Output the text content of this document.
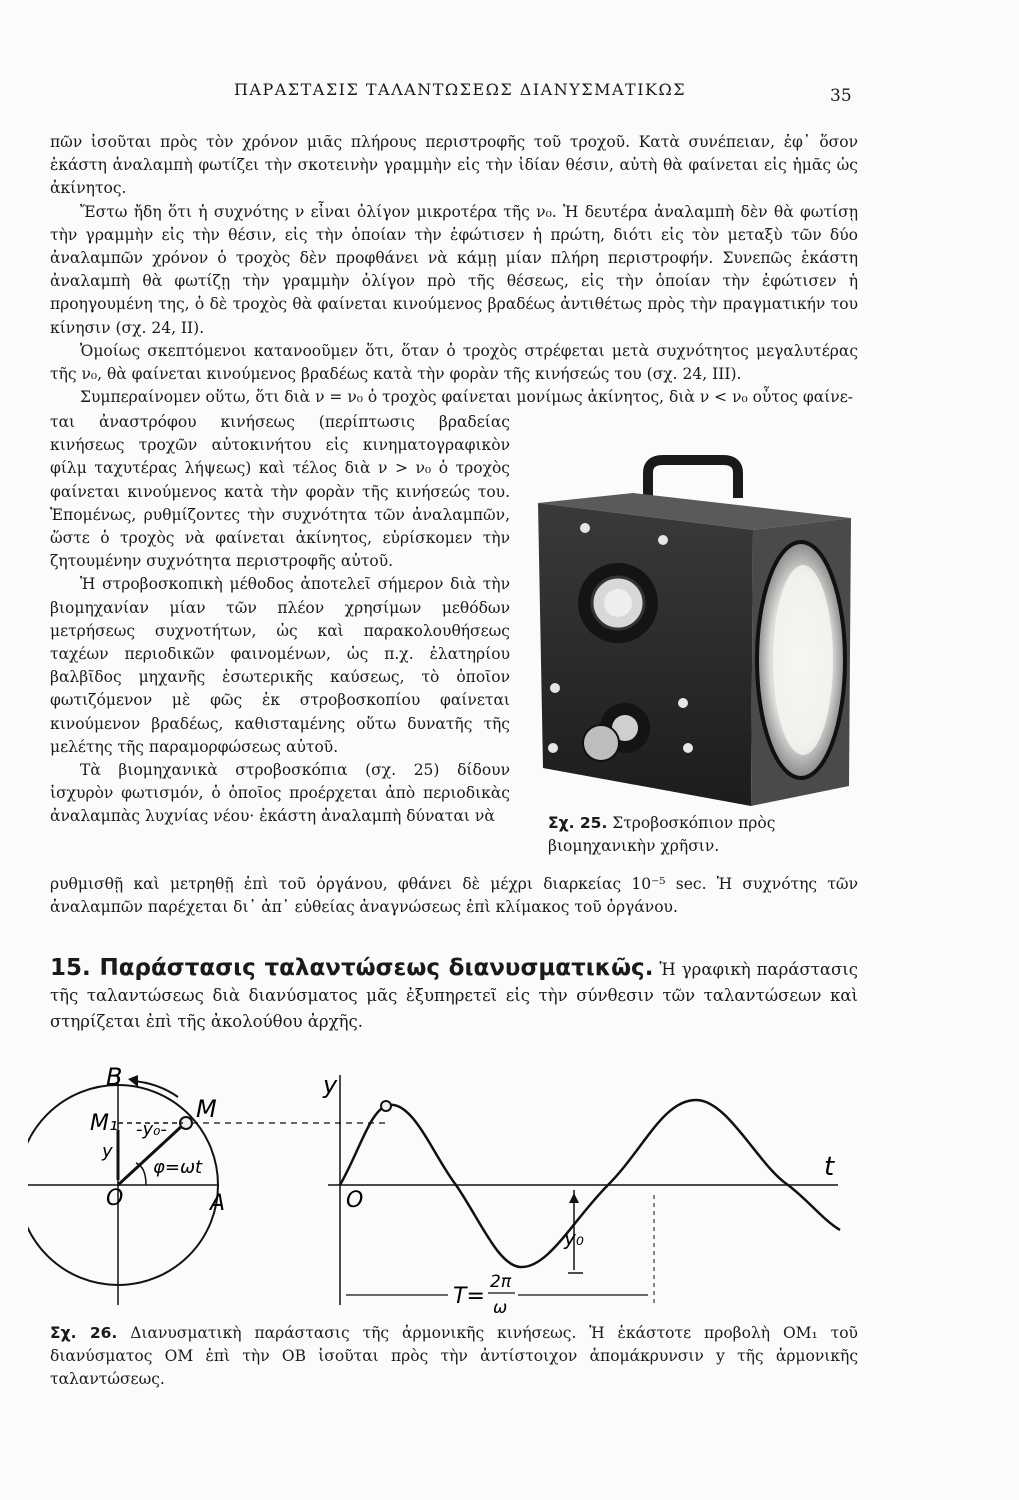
ΠΑΡΑΣΤΑΣΙΣ ΤΑΛΑΝΤΩΣΕΩΣ ΔΙΑΝΥΣΜΑΤΙΚΩΣ	35

πῶν ἰσοῦται πρὸς τὸν χρόνον μιᾶς πλήρους περιστροφῆς τοῦ τροχοῦ. Κατὰ συνέπειαν, ἐφ᾽ ὅσον ἑκάστη ἀναλαμπὴ φωτίζει τὴν σκοτεινὴν γραμμὴν εἰς τὴν ἰδίαν θέσιν, αὐτὴ θὰ φαίνεται εἰς ἡμᾶς ὡς ἀκίνητος.

Ἔστω ἤδη ὅτι ἡ συχνότης ν εἶναι ὀλίγον μικροτέρα τῆς ν₀. Ἡ δευτέρα ἀναλαμπὴ δὲν θὰ φωτίσῃ τὴν γραμμὴν εἰς τὴν θέσιν, εἰς τὴν ὁποίαν τὴν ἐφώτισεν ἡ πρώτη, διότι εἰς τὸν μεταξὺ τῶν δύο ἀναλαμπῶν χρόνον ὁ τροχὸς δὲν προφθάνει νὰ κάμῃ μίαν πλήρη περιστροφήν. Συνεπῶς ἑκάστη ἀναλαμπὴ θὰ φωτίζῃ τὴν γραμμὴν ὀλίγον πρὸ τῆς θέσεως, εἰς τὴν ὁποίαν τὴν ἐφώτισεν ἡ προηγουμένη της, ὁ δὲ τροχὸς θὰ φαίνεται κινούμενος βραδέως ἀντιθέτως πρὸς τὴν πραγματικήν του κίνησιν (σχ. 24, II).

Ὁμοίως σκεπτόμενοι κατανοοῦμεν ὅτι, ὅταν ὁ τροχὸς στρέφεται μετὰ συχνότητος μεγαλυτέρας τῆς ν₀, θὰ φαίνεται κινούμενος βραδέως κατὰ τὴν φορὰν τῆς κινήσεώς του (σχ. 24, III).

Συμπεραίνομεν οὕτω, ὅτι διὰ ν = ν₀ ὁ τροχὸς φαίνεται μονίμως ἀκίνητος, διὰ ν < ν₀ οὗτος φαίνε-

ται ἀναστρόφου κινήσεως (περίπτωσις βραδείας κινήσεως τροχῶν αὐτοκινήτου εἰς κινηματογραφικὸν φίλμ ταχυτέρας λήψεως) καὶ τέλος διὰ ν > ν₀ ὁ τροχὸς φαίνεται κινούμενος κατὰ τὴν φορὰν τῆς κινήσεώς του. Ἑπομένως, ρυθμίζοντες τὴν συχνότητα τῶν ἀναλαμπῶν, ὥστε ὁ τροχὸς νὰ φαίνεται ἀκίνητος, εὑρίσκομεν τὴν ζητουμένην συχνότητα περιστροφῆς αὐτοῦ.

Ἡ στροβοσκοπικὴ μέθοδος ἀποτελεῖ σήμερον διὰ τὴν βιομηχανίαν μίαν τῶν πλέον χρησίμων μεθόδων μετρήσεως συχνοτήτων, ὡς καὶ παρακολουθήσεως ταχέων περιοδικῶν φαινομένων, ὡς π.χ. ἐλατηρίου βαλβῖδος μηχανῆς ἐσωτερικῆς καύσεως, τὸ ὁποῖον φωτιζόμενον μὲ φῶς ἐκ στροβοσκοπίου φαίνεται κινούμενον βραδέως, καθισταμένης οὕτω δυνατῆς τῆς μελέτης τῆς παραμορφώσεως αὐτοῦ.

Τὰ βιομηχανικὰ στροβοσκόπια (σχ. 25) δίδουν ἰσχυρὸν φωτισμόν, ὁ ὁποῖος προέρχεται ἀπὸ περιοδικὰς ἀναλαμπὰς λυχνίας νέου· ἑκάστη ἀναλαμπὴ δύναται νὰ	Σχ. 25. Στροβοσκόπιον πρὸς βιομηχανικὴν χρῆσιν.

ρυθμισθῇ καὶ μετρηθῇ ἐπὶ τοῦ ὀργάνου, φθάνει δὲ μέχρι διαρκείας 10⁻⁵ sec. Ἡ συχνότης τῶν ἀναλαμπῶν παρέχεται δι᾽ ἀπ᾽ εὐθείας ἀναγνώσεως ἐπὶ κλίμακος τοῦ ὀργάνου.

15. Παράστασις ταλαντώσεως διανυσματικῶς. Ἡ γραφικὴ παράστασις τῆς ταλαντώσεως διὰ διανύσματος μᾶς ἐξυπηρετεῖ εἰς τὴν σύνθεσιν τῶν ταλαντώσεων καὶ στηρίζεται ἐπὶ τῆς ἀκολούθου ἀρχῆς.

B
M₁
M
-y₀-
y
φ=ωt
O	A
y
t
O
y₀
T=
2π
ω
Σχ. 26. Διανυσματικὴ παράστασις τῆς ἁρμονικῆς κινήσεως. Ἡ ἑκάστοτε προβολὴ OM₁ τοῦ διανύσματος OM ἐπὶ τὴν OB ἰσοῦται πρὸς τὴν ἀντίστοιχον ἀπομάκρυνσιν y τῆς ἁρμονικῆς ταλαντώσεως.
